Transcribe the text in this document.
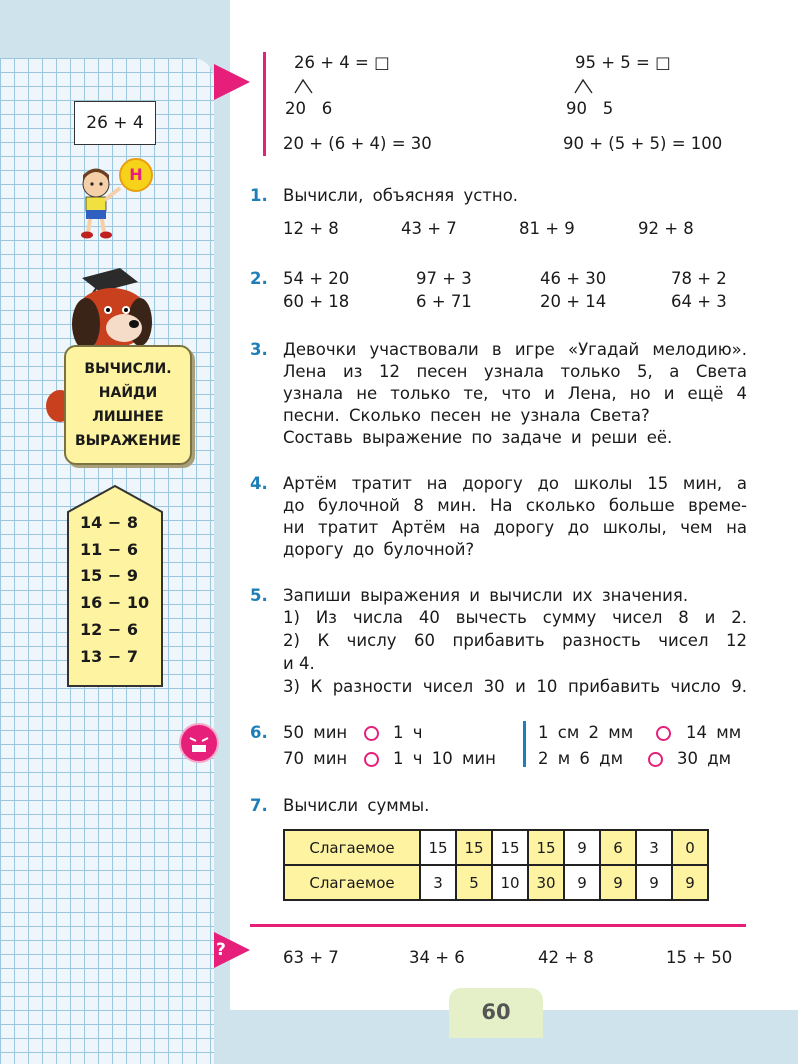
26 + 4
Н
ВЫЧИСЛИ.
НАЙДИ
ЛИШНЕЕ
ВЫРАЖЕНИЕ
14 − 8
11 − 6
15 − 9
16 − 10
12 − 6
13 − 7
26 + 4 = □
20   6
20 + (6 + 4) = 30
95 + 5 = □
90   5
90 + (5 + 5) = 100
1. Вычисли, объясняя устно.
12 + 8	43 + 7	81 + 9	92 + 8
2. 54 + 20	97 + 3	46 + 30	78 + 2
60 + 18	6 + 71	20 + 14	64 + 3
3. Девочки участвовали в игре «Угадай мелодию».
Лена из 12 песен узнала только 5, а Света
узнала не только те, что и Лена, но и ещё 4
песни. Сколько песен не узнала Света?
Составь выражение по задаче и реши её.
4. Артём тратит на дорогу до школы 15 мин, а
до булочной 8 мин. На сколько больше време-
ни тратит Артём на дорогу до школы, чем на
дорогу до булочной?
5. Запиши выражения и вычисли их значения.
1) Из числа 40 вычесть сумму чисел 8 и 2.
2) К числу 60 прибавить разность чисел 12
и 4.
3) К разности чисел 30 и 10 прибавить число 9.
6. 50 мин	1 ч
70 мин	1 ч 10 мин
1 см 2 мм	14 мм
2 м 6 дм	30 дм
7. Вычисли суммы.
Слагаемое	15	15	15	15	9	6	3	0
Слагаемое	3	5	10	30	9	9	9	9
?	63 + 7	34 + 6	42 + 8	15 + 50
60
